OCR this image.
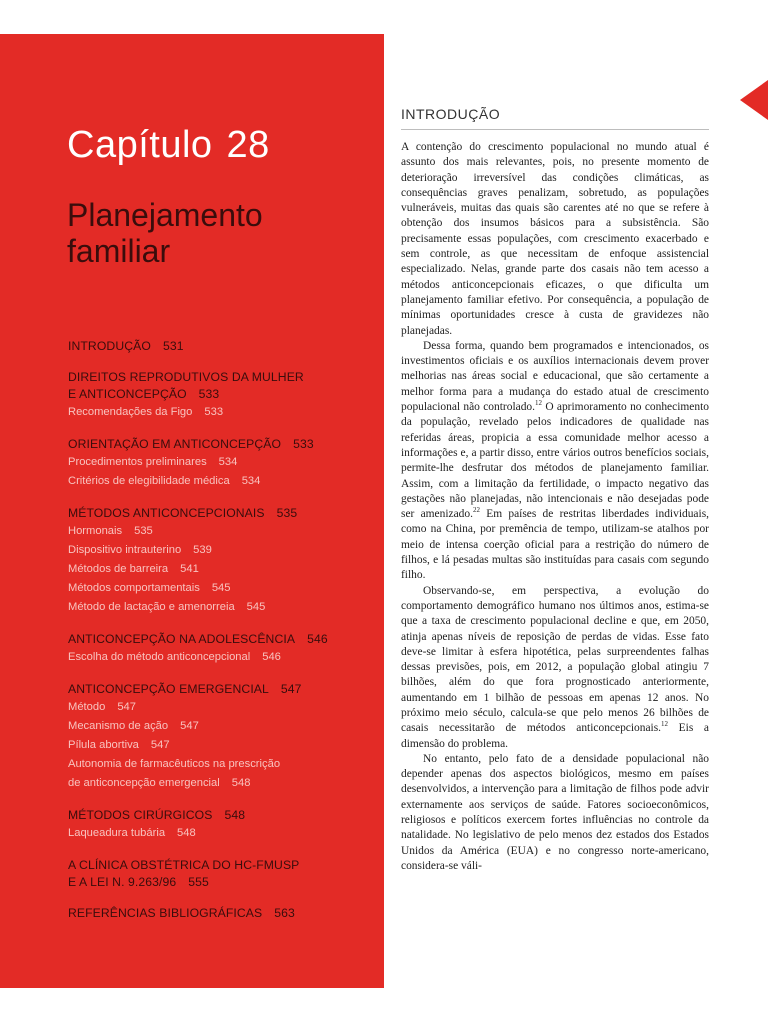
Capítulo 28
Planejamento familiar
INTRODUÇÃO 531
DIREITOS REPRODUTIVOS DA MULHER
E ANTICONCEPÇÃO 533
Recomendações da Figo 533
ORIENTAÇÃO EM ANTICONCEPÇÃO 533
Procedimentos preliminares 534
Critérios de elegibilidade médica 534
MÉTODOS ANTICONCEPCIONAIS 535
Hormonais 535
Dispositivo intrauterino 539
Métodos de barreira 541
Métodos comportamentais 545
Método de lactação e amenorreia 545
ANTICONCEPÇÃO NA ADOLESCÊNCIA 546
Escolha do método anticoncepcional 546
ANTICONCEPÇÃO EMERGENCIAL 547
Método 547
Mecanismo de ação 547
Pílula abortiva 547
Autonomia de farmacêuticos na prescrição
de anticoncepção emergencial 548
MÉTODOS CIRÚRGICOS 548
Laqueadura tubária 548
A CLÍNICA OBSTÉTRICA DO HC-FMUSP
E A LEI N. 9.263/96 555
REFERÊNCIAS BIBLIOGRÁFICAS 563
INTRODUÇÃO

A contenção do crescimento populacional no mundo atual é assunto dos mais relevantes, pois, no presente momento de deterioração irreversível das condições climáticas, as consequências graves penalizam, sobretudo, as populações vulneráveis, muitas das quais são carentes até no que se refere à obtenção dos insumos básicos para a subsistência. São precisamente essas populações, com crescimento exacerbado e sem controle, as que necessitam de enfoque assistencial especializado. Nelas, grande parte dos casais não tem acesso a métodos anticoncepcionais eficazes, o que dificulta um planejamento familiar efetivo. Por consequência, a população de mínimas oportunidades cresce à custa de gravidezes não planejadas.

Dessa forma, quando bem programados e intencionados, os investimentos oficiais e os auxílios internacionais devem prover melhorias nas áreas social e educacional, que são certamente a melhor forma para a mudança do estado atual de crescimento populacional não controlado.$^{12}$ O aprimoramento no conhecimento da população, revelado pelos indicadores de qualidade nas referidas áreas, propicia a essa comunidade melhor acesso a informações e, a partir disso, entre vários outros benefícios sociais, permite-lhe desfrutar dos métodos de planejamento familiar. Assim, com a limitação da fertilidade, o impacto negativo das gestações não planejadas, não intencionais e não desejadas pode ser amenizado.$^{22}$ Em países de restritas liberdades individuais, como na China, por premência de tempo, utilizam-se atalhos por meio de intensa coerção oficial para a restrição do número de filhos, e lá pesadas multas são instituídas para casais com segundo filho.

Observando-se, em perspectiva, a evolução do comportamento demográfico humano nos últimos anos, estima-se que a taxa de crescimento populacional decline e que, em 2050, atinja apenas níveis de reposição de perdas de vidas. Esse fato deve-se limitar à esfera hipotética, pelas surpreendentes falhas dessas previsões, pois, em 2012, a população global atingiu 7 bilhões, além do que fora prognosticado anteriormente, aumentando em 1 bilhão de pessoas em apenas 12 anos. No próximo meio século, calcula-se que pelo menos 26 bilhões de casais necessitarão de métodos anticoncepcionais.$^{12}$ Eis a dimensão do problema.

No entanto, pelo fato de a densidade populacional não depender apenas dos aspectos biológicos, mesmo em países desenvolvidos, a intervenção para a limitação de filhos pode advir externamente aos serviços de saúde. Fatores socioeconômicos, religiosos e políticos exercem fortes influências no controle da natalidade. No legislativo de pelo menos dez estados dos Estados Unidos da América (EUA) e no congresso norte-americano, considera-se váli-
